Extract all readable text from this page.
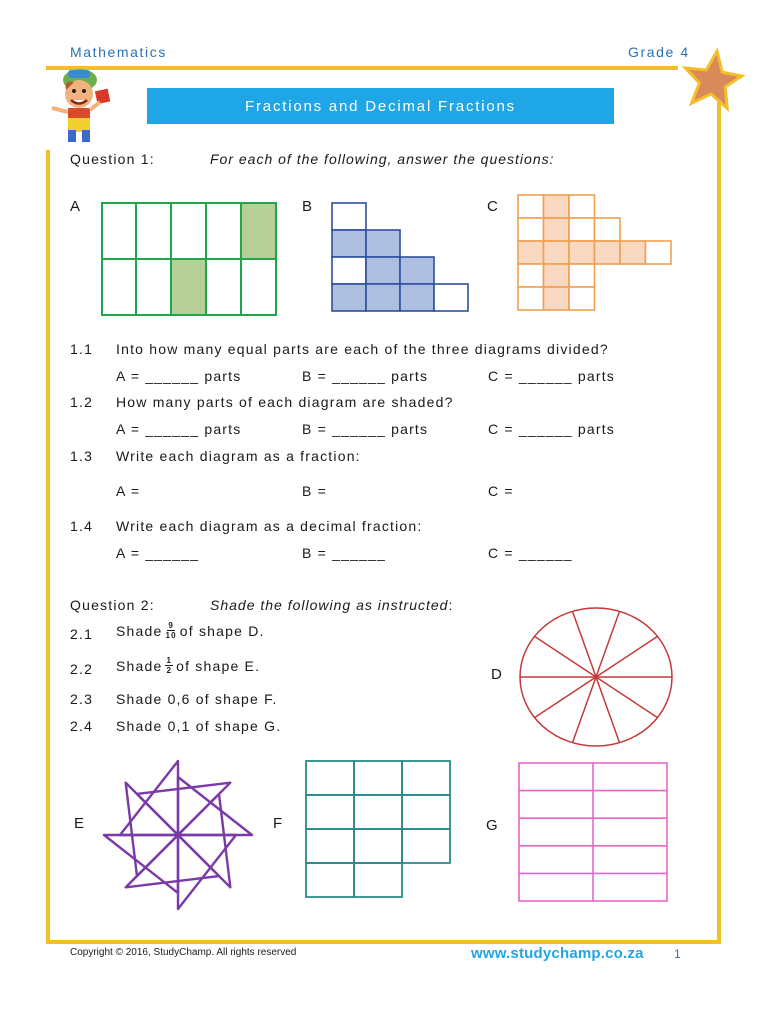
Mathematics	Grade 4
Fractions and Decimal Fractions
Question 1:	For each of the following, answer the questions:
A	B	C
1.1 Into how many equal parts are each of the three diagrams divided?
A = ______ parts	B = ______ parts	C = ______ parts
1.2 How many parts of each diagram are shaded?
A = ______ parts	B = ______ parts	C = ______ parts
1.3 Write each diagram as a fraction:
A =	B =	C =
1.4 Write each diagram as a decimal fraction:
A = ______	B = ______	C = ______
Question 2:	Shade the following as instructed:
2.1 Shade $\frac{9}{10}$ of shape D.
2.2 Shade $\frac{1}{2}$ of shape E.
2.3 Shade 0,6 of shape F.
2.4 Shade 0,1 of shape G.
D
E	F	G
Copyright © 2016, StudyChamp. All rights reserved	www.studychamp.co.za	1
